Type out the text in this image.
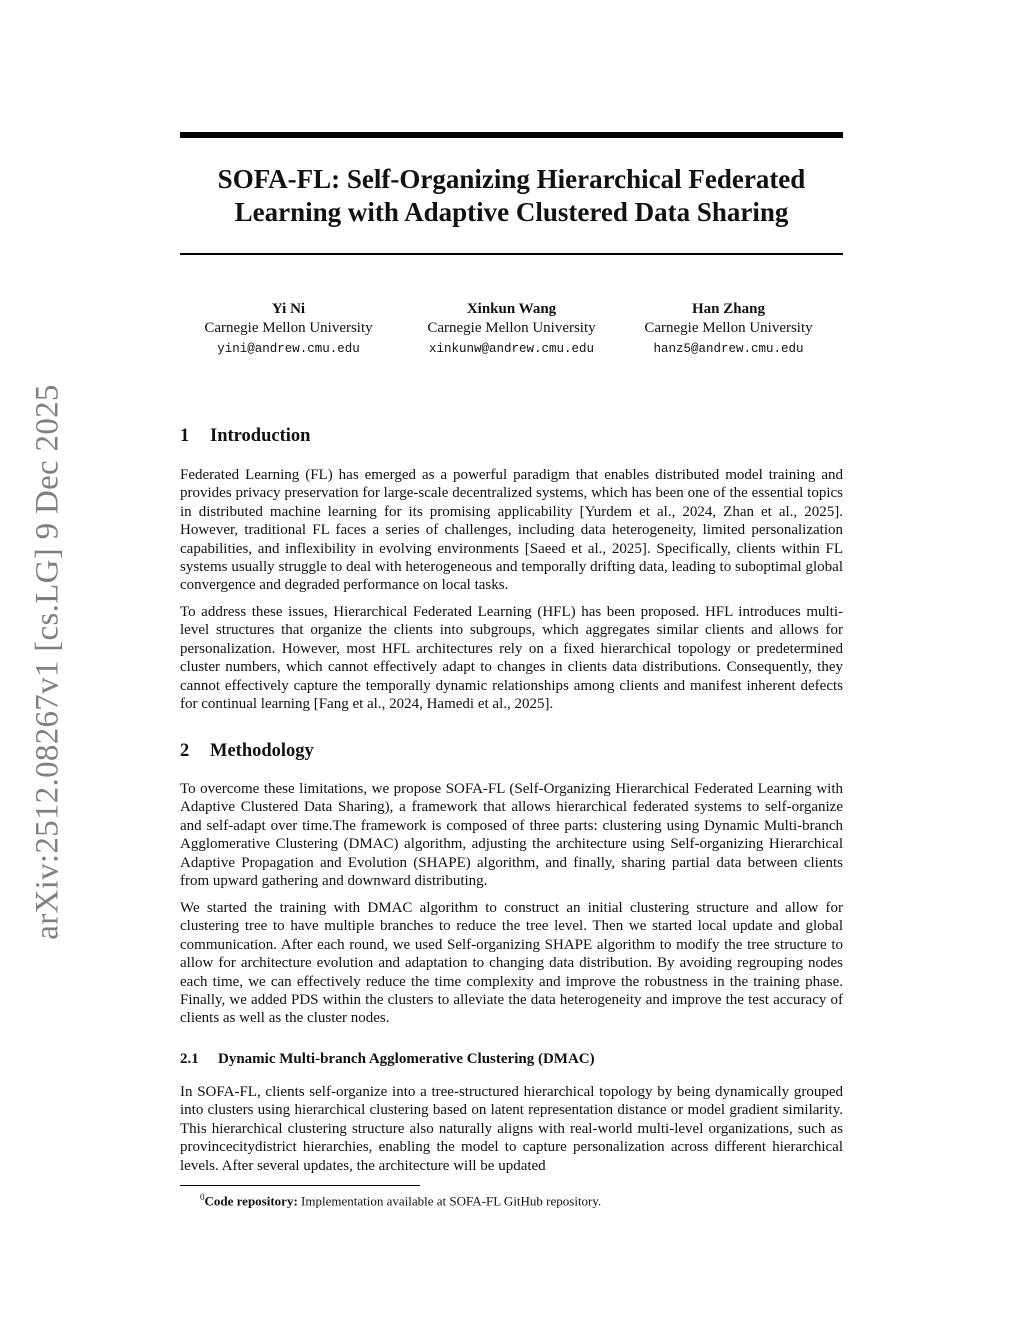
arXiv:2512.08267v1 [cs.LG] 9 Dec 2025
SOFA-FL: Self-Organizing Hierarchical Federated Learning with Adaptive Clustered Data Sharing
Yi Ni
Carnegie Mellon University
yini@andrew.cmu.edu
Xinkun Wang
Carnegie Mellon University
xinkunw@andrew.cmu.edu
Han Zhang
Carnegie Mellon University
hanz5@andrew.cmu.edu
1 Introduction

Federated Learning (FL) has emerged as a powerful paradigm that enables distributed model training and provides privacy preservation for large-scale decentralized systems, which has been one of the essential topics in distributed machine learning for its promising applicability [Yurdem et al., 2024, Zhan et al., 2025]. However, traditional FL faces a series of challenges, including data heterogeneity, limited personalization capabilities, and inflexibility in evolving environments [Saeed et al., 2025]. Specifically, clients within FL systems usually struggle to deal with heterogeneous and temporally drifting data, leading to suboptimal global convergence and degraded performance on local tasks.

To address these issues, Hierarchical Federated Learning (HFL) has been proposed. HFL introduces multi-level structures that organize the clients into subgroups, which aggregates similar clients and allows for personalization. However, most HFL architectures rely on a fixed hierarchical topology or predetermined cluster numbers, which cannot effectively adapt to changes in clients data distributions. Consequently, they cannot effectively capture the temporally dynamic relationships among clients and manifest inherent defects for continual learning [Fang et al., 2024, Hamedi et al., 2025].

2 Methodology

To overcome these limitations, we propose SOFA-FL (Self-Organizing Hierarchical Federated Learning with Adaptive Clustered Data Sharing), a framework that allows hierarchical federated systems to self-organize and self-adapt over time.The framework is composed of three parts: clustering using Dynamic Multi-branch Agglomerative Clustering (DMAC) algorithm, adjusting the architecture using Self-organizing Hierarchical Adaptive Propagation and Evolution (SHAPE) algorithm, and finally, sharing partial data between clients from upward gathering and downward distributing.

We started the training with DMAC algorithm to construct an initial clustering structure and allow for clustering tree to have multiple branches to reduce the tree level. Then we started local update and global communication. After each round, we used Self-organizing SHAPE algorithm to modify the tree structure to allow for architecture evolution and adaptation to changing data distribution. By avoiding regrouping nodes each time, we can effectively reduce the time complexity and improve the robustness in the training phase. Finally, we added PDS within the clusters to alleviate the data heterogeneity and improve the test accuracy of clients as well as the cluster nodes.

2.1 Dynamic Multi-branch Agglomerative Clustering (DMAC)

In SOFA-FL, clients self-organize into a tree-structured hierarchical topology by being dynamically grouped into clusters using hierarchical clustering based on latent representation distance or model gradient similarity. This hierarchical clustering structure also naturally aligns with real-world multi-level organizations, such as provincecitydistrict hierarchies, enabling the model to capture personalization across different hierarchical levels. After several updates, the architecture will be updated

$^0$Code repository: Implementation available at SOFA-FL GitHub repository.
